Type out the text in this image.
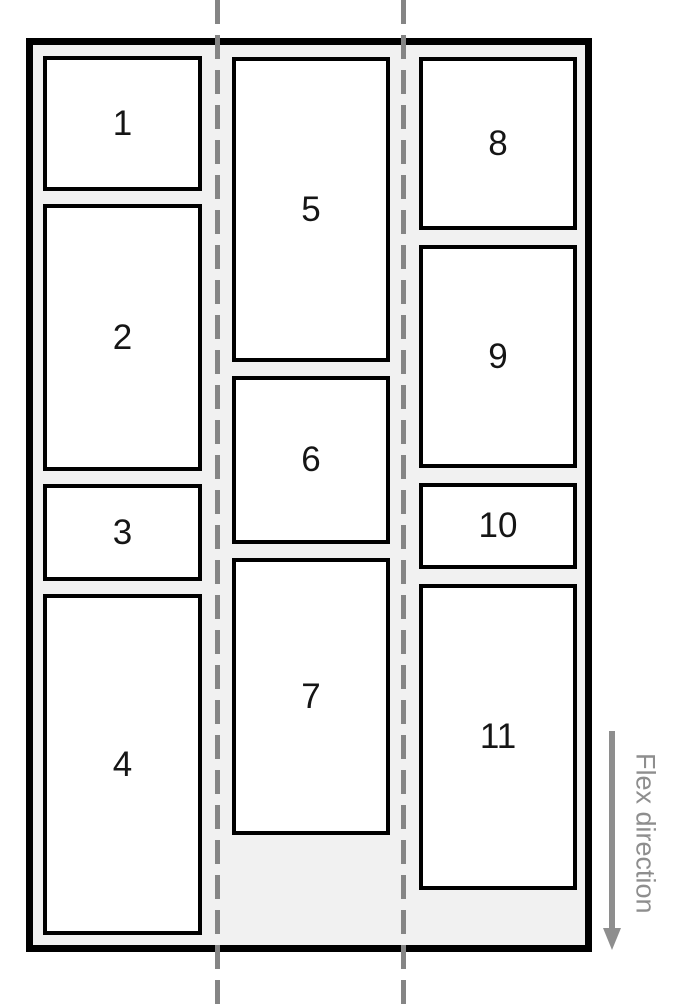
1
2
3
4
5
6
7
8
9
10
11
Flex direction
